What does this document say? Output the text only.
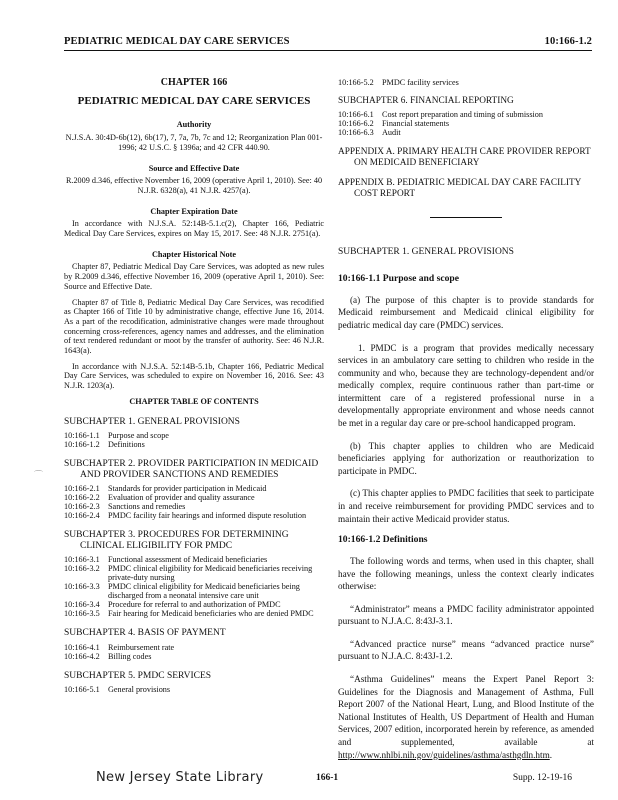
PEDIATRIC MEDICAL DAY CARE SERVICES	10:166-1.2
CHAPTER 166
PEDIATRIC MEDICAL DAY CARE SERVICES
Authority
N.J.S.A. 30:4D-6b(12), 6b(17), 7, 7a, 7b, 7c and 12; Reorganization Plan 001-1996; 42 U.S.C. § 1396a; and 42 CFR 440.90.
Source and Effective Date
R.2009 d.346, effective November 16, 2009 (operative April 1, 2010). See: 40 N.J.R. 6328(a), 41 N.J.R. 4257(a).
Chapter Expiration Date
In accordance with N.J.S.A. 52:14B-5.1.c(2), Chapter 166, Pediatric Medical Day Care Services, expires on May 15, 2017. See: 48 N.J.R. 2751(a).
Chapter Historical Note
Chapter 87, Pediatric Medical Day Care Services, was adopted as new rules by R.2009 d.346, effective November 16, 2009 (operative April 1, 2010). See: Source and Effective Date.
Chapter 87 of Title 8, Pediatric Medical Day Care Services, was recodified as Chapter 166 of Title 10 by administrative change, effective June 16, 2014. As a part of the recodification, administrative changes were made throughout concerning cross-references, agency names and addresses, and the elimination of text rendered redundant or moot by the transfer of authority. See: 46 N.J.R. 1643(a).
In accordance with N.J.S.A. 52:14B-5.1b, Chapter 166, Pediatric Medical Day Care Services, was scheduled to expire on November 16, 2016. See: 43 N.J.R. 1203(a).
CHAPTER TABLE OF CONTENTS
SUBCHAPTER 1. GENERAL PROVISIONS
10:166-1.1	Purpose and scope
10:166-1.2	Definitions
SUBCHAPTER 2. PROVIDER PARTICIPATION IN MEDICAID AND PROVIDER SANCTIONS AND REMEDIES
10:166-2.1	Standards for provider participation in Medicaid
10:166-2.2	Evaluation of provider and quality assurance
10:166-2.3	Sanctions and remedies
10:166-2.4	PMDC facility fair hearings and informed dispute resolution
SUBCHAPTER 3. PROCEDURES FOR DETERMINING CLINICAL ELIGIBILITY FOR PMDC
10:166-3.1	Functional assessment of Medicaid beneficiaries
10:166-3.2	PMDC clinical eligibility for Medicaid beneficiaries receiving private-duty nursing
10:166-3.3	PMDC clinical eligibility for Medicaid beneficiaries being discharged from a neonatal intensive care unit
10:166-3.4	Procedure for referral to and authorization of PMDC
10:166-3.5	Fair hearing for Medicaid beneficiaries who are denied PMDC
SUBCHAPTER 4. BASIS OF PAYMENT
10:166-4.1	Reimbursement rate
10:166-4.2	Billing codes
SUBCHAPTER 5. PMDC SERVICES
10:166-5.1	General provisions
10:166-5.2	PMDC facility services
SUBCHAPTER 6. FINANCIAL REPORTING
10:166-6.1	Cost report preparation and timing of submission
10:166-6.2	Financial statements
10:166-6.3	Audit
APPENDIX A. PRIMARY HEALTH CARE PROVIDER REPORT ON MEDICAID BENEFICIARY
APPENDIX B. PEDIATRIC MEDICAL DAY CARE FACILITY COST REPORT
SUBCHAPTER 1. GENERAL PROVISIONS
10:166-1.1 Purpose and scope
(a) The purpose of this chapter is to provide standards for Medicaid reimbursement and Medicaid clinical eligibility for pediatric medical day care (PMDC) services.
1. PMDC is a program that provides medically necessary services in an ambulatory care setting to children who reside in the community and who, because they are technology-dependent and/or medically complex, require continuous rather than part-time or intermittent care of a registered professional nurse in a developmentally appropriate environment and whose needs cannot be met in a regular day care or pre-school handicapped program.
(b) This chapter applies to children who are Medicaid beneficiaries applying for authorization or reauthorization to participate in PMDC.
(c) This chapter applies to PMDC facilities that seek to participate in and receive reimbursement for providing PMDC services and to maintain their active Medicaid provider status.
10:166-1.2 Definitions
The following words and terms, when used in this chapter, shall have the following meanings, unless the context clearly indicates otherwise:
“Administrator” means a PMDC facility administrator appointed pursuant to N.J.A.C. 8:43J-3.1.
“Advanced practice nurse” means “advanced practice nurse” pursuant to N.J.A.C. 8:43J-1.2.
“Asthma Guidelines” means the Expert Panel Report 3: Guidelines for the Diagnosis and Management of Asthma, Full Report 2007 of the National Heart, Lung, and Blood Institute of the National Institutes of Health, US Department of Health and Human Services, 2007 edition, incorporated herein by reference, as amended and supplemented, available at http://www.nhlbi.nih.gov/guidelines/asthma/asthgdln.htm.
⌒
New Jersey State Library	166-1	Supp. 12-19-16
